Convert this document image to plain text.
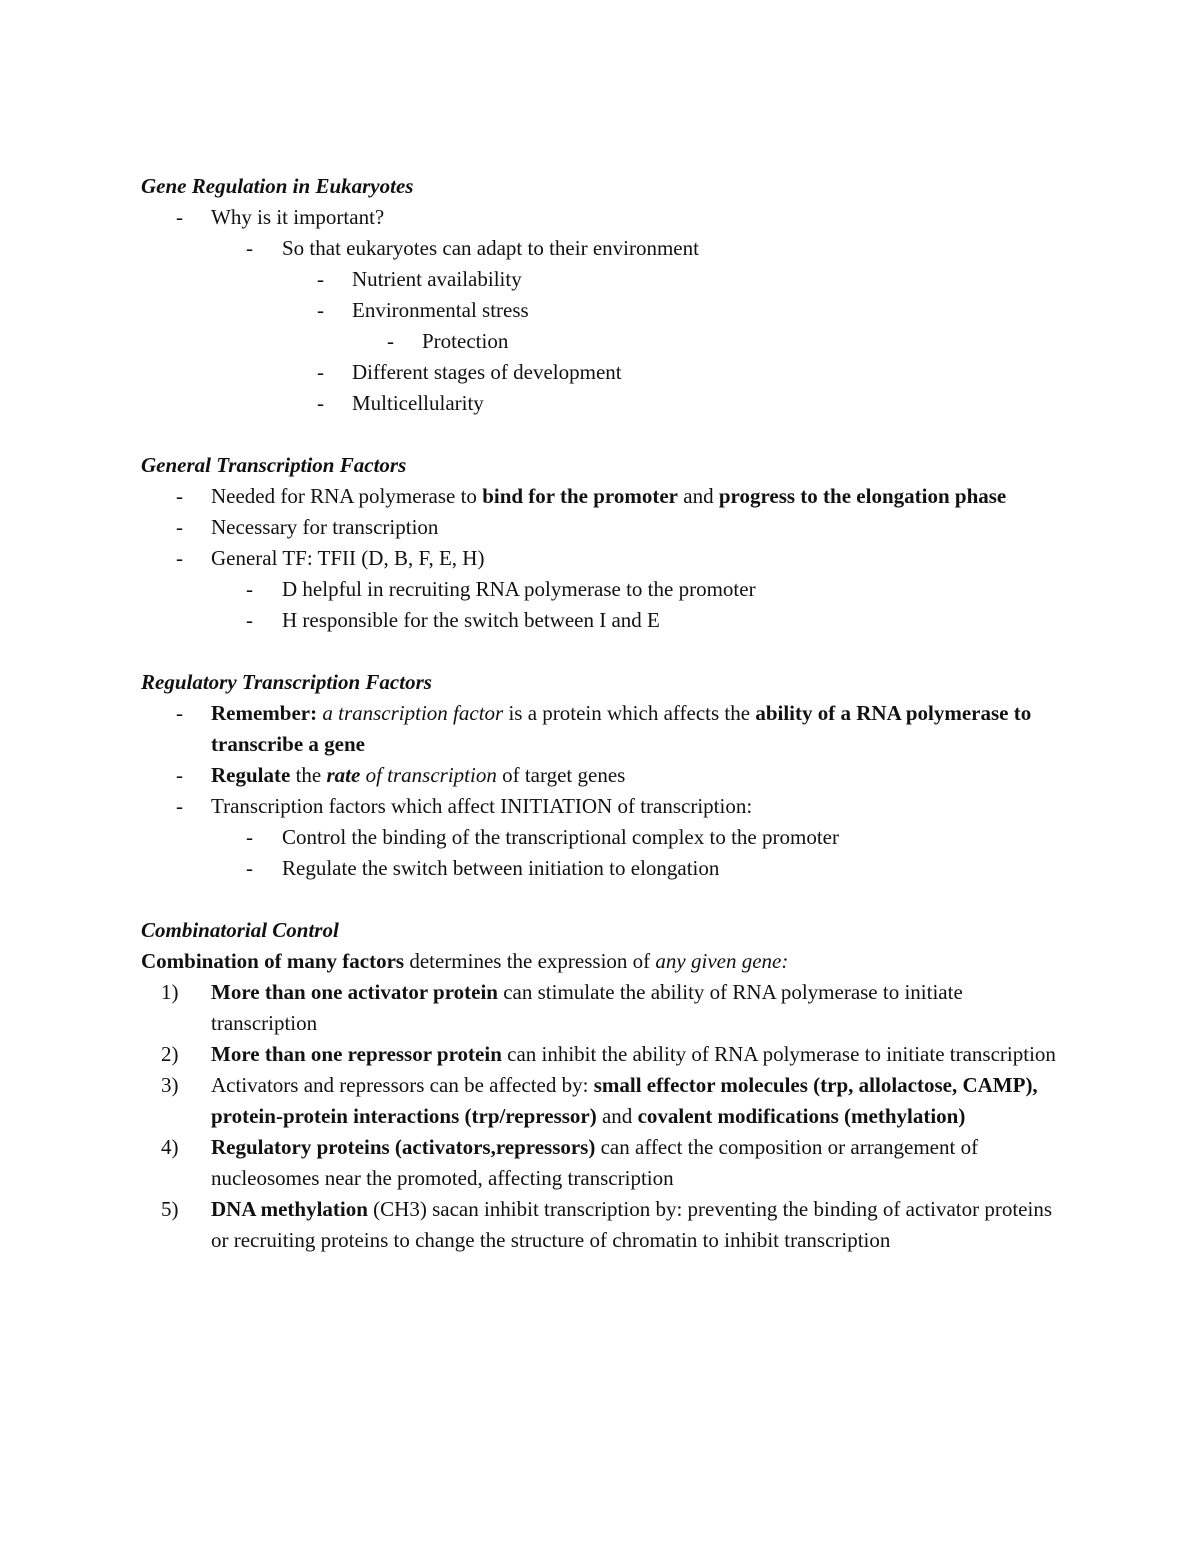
Gene Regulation in Eukaryotes
- Why is it important?
- So that eukaryotes can adapt to their environment
- Nutrient availability
- Environmental stress
- Protection
- Different stages of development
- Multicellularity
General Transcription Factors
- Needed for RNA polymerase to bind for the promoter and progress to the elongation phase
- Necessary for transcription
- General TF: TFII (D, B, F, E, H)
- D helpful in recruiting RNA polymerase to the promoter
- H responsible for the switch between I and E
Regulatory Transcription Factors
- Remember: a transcription factor is a protein which affects the ability of a RNA polymerase to transcribe a gene
- Regulate the rate of transcription of target genes
- Transcription factors which affect INITIATION of transcription:
- Control the binding of the transcriptional complex to the promoter
- Regulate the switch between initiation to elongation
Combinatorial Control
Combination of many factors determines the expression of any given gene:
1) More than one activator protein can stimulate the ability of RNA polymerase to initiate transcription
2) More than one repressor protein can inhibit the ability of RNA polymerase to initiate transcription
3) Activators and repressors can be affected by: small effector molecules (trp, allolactose, CAMP), protein-protein interactions (trp/repressor) and covalent modifications (methylation)
4) Regulatory proteins (activators,repressors) can affect the composition or arrangement of nucleosomes near the promoted, affecting transcription
5) DNA methylation (CH3) sacan inhibit transcription by: preventing the binding of activator proteins or recruiting proteins to change the structure of chromatin to inhibit transcription
